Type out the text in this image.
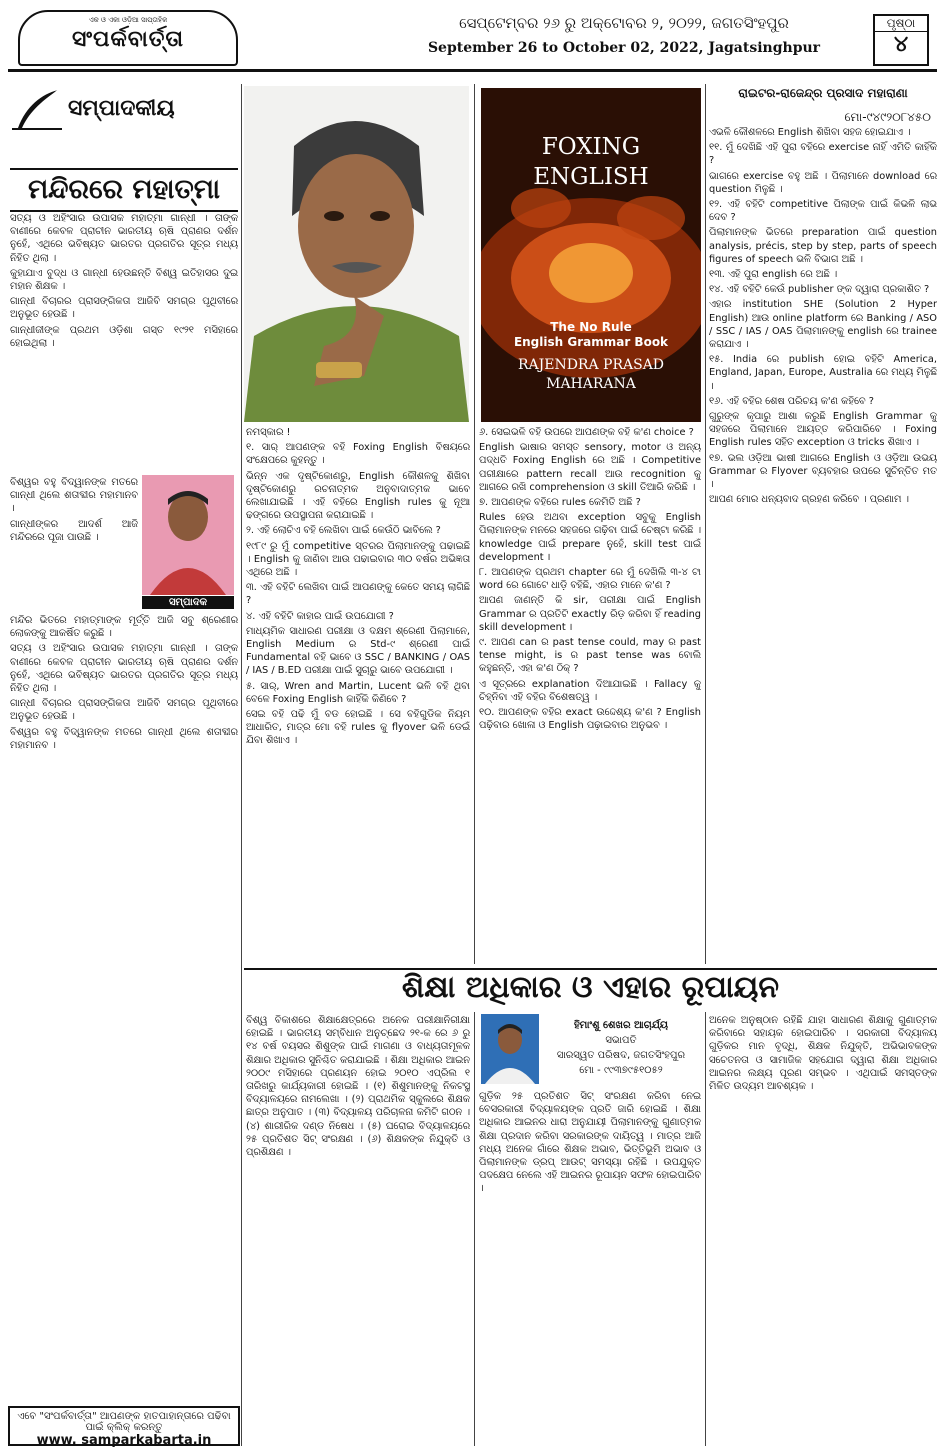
ଏକ ଓ ଏକା ଓଡ଼ିଆ ସାପ୍ତାହିକ
ସଂପର୍କବାର୍ତ୍ତା
ସେପ୍ଟେମ୍ବର ୨୬ ରୁ ଅକ୍ଟୋବର ୨, ୨୦୨୨, ଜଗତସିଂହପୁର
September 26 to October 02, 2022, Jagatsinghpur
ପୃଷ୍ଠା
୪
ସମ୍ପାଦକୀୟ
ମନ୍ଦିରରେ ମହାତ୍ମା

ସତ୍ୟ ଓ ଅହିଂସାର ଉପାସକ ମହାତ୍ମା ଗାନ୍ଧୀ । ତାଙ୍କ ବାଣୀରେ କେବଳ ପ୍ରାଚୀନ ଭାରତୀୟ ଋଷି ପ୍ରାଣର ଦର୍ଶନ ନୁହେଁ, ଏଥିରେ ଭବିଷ୍ୟତ ଭାରତର ପ୍ରଗତିର ସୂତ୍ର ମଧ୍ୟ ନିହିତ ଥିଲା ।

କୁହାଯାଏ ବୁଦ୍ଧ ଓ ଗାନ୍ଧୀ ହେଉଛନ୍ତି ବିଶ୍ୱ ଇତିହାସର ଦୁଇ ମହାନ ଶିକ୍ଷକ ।

ଗାନ୍ଧୀ ବିଚାରର ପ୍ରାସଙ୍ଗିକତା ଆଜିବି ସମଗ୍ର ପୃଥିବୀରେ ଅନୁଭୂତ ହେଉଛି ।

ଗାନ୍ଧୀଜୀଙ୍କ ପ୍ରଥମ ଓଡ଼ିଶା ଗସ୍ତ ୧୯୨୧ ମସିହାରେ ହୋଇଥିଲା ।

ବିଶ୍ୱର ବହୁ ବିଦ୍ୱାନଙ୍କ ମତରେ ଗାନ୍ଧୀ ଥିଲେ ଶତାବ୍ଦୀର ମହାମାନବ ।

ଗାନ୍ଧୀଙ୍କର ଆଦର୍ଶ ଆଜି ମନ୍ଦିରରେ ପୂଜା ପାଉଛି ।

ସମ୍ପାଦକ

ମନ୍ଦିର ଭିତରେ ମହାତ୍ମାଙ୍କ ମୂର୍ତ୍ତି ଆଜି ସବୁ ଶ୍ରେଣୀର ଲୋକଙ୍କୁ ଆକର୍ଷିତ କରୁଛି ।

ସତ୍ୟ ଓ ଅହିଂସାର ଉପାସକ ମହାତ୍ମା ଗାନ୍ଧୀ । ତାଙ୍କ ବାଣୀରେ କେବଳ ପ୍ରାଚୀନ ଭାରତୀୟ ଋଷି ପ୍ରାଣର ଦର୍ଶନ ନୁହେଁ, ଏଥିରେ ଭବିଷ୍ୟତ ଭାରତର ପ୍ରଗତିର ସୂତ୍ର ମଧ୍ୟ ନିହିତ ଥିଲା ।

ଗାନ୍ଧୀ ବିଚାରର ପ୍ରାସଙ୍ଗିକତା ଆଜିବି ସମଗ୍ର ପୃଥିବୀରେ ଅନୁଭୂତ ହେଉଛି ।

ବିଶ୍ୱର ବହୁ ବିଦ୍ୱାନଙ୍କ ମତରେ ଗାନ୍ଧୀ ଥିଲେ ଶତାବ୍ଦୀର ମହାମାନବ ।

FOXING
ENGLISH
The No Rule
English Grammar Book
RAJENDRA PRASAD
MAHARANA
ରାଇଟର-ରାଜେନ୍ଦ୍ର ପ୍ରସାଦ ମହାରାଣା
ମୋ-୯୪୯୨୦୮୪୫୦

ଏଭଳି କୌଶଳରେ English ଶିଖିବା ସହଜ ହୋଇଯାଏ ।

୧୧. ମୁଁ ଦେଖିଛି ଏହି ପୁରା ବହିରେ exercise ନାହିଁ ଏମିତି କାହିଁକି ?

ଭାଗରେ exercise ବହୁ ଅଛି । ପିଲାମାନେ download ରେ question ମିଳୁଛି ।

୧୨. ଏହି ବହିଟି competitive ପିଲାଙ୍କ ପାଇଁ କିଭଳି ଲାଭ ଦେବ ?

ପିଲାମାନଙ୍କ ଭିତରେ preparation ପାଇଁ question analysis, précis, step by step, parts of speech figures of speech ଭଳି ବିଭାଗ ଅଛି ।

୧୩. ଏହି ପୁରା english ରେ ଅଛି ।

୧୪. ଏହି ବହିଟି କେଉଁ publisher ଙ୍କ ଦ୍ୱାରା ପ୍ରକାଶିତ ?

ଏହାର institution SHE (Solution 2 Hyper English) ଆଉ online platform ରେ Banking / ASO / SSC / IAS / OAS ପିଲାମାନଙ୍କୁ english ରେ trainee କରାଯାଏ ।

୧୫. India ରେ publish ହୋଇ ବହିଟି America, England, Japan, Europe, Australia ରେ ମଧ୍ୟ ମିଳୁଛି ।

୧୬. ଏହି ବହିର ଶେଷ ପରିଚୟ କ'ଣ କହିବେ ?

ଗୁରୁଙ୍କ କୃପାରୁ ଆଶା କରୁଛି English Grammar କୁ ସହଜରେ ପିଲାମାନେ ଆୟତ୍ତ କରିପାରିବେ । Foxing English rules ସହିତ exception ଓ tricks ଶିଖାଏ ।

୧୭. ଭଲ ଓଡ଼ିଆ ଭାଷୀ ଆଗରେ English ଓ ଓଡ଼ିଆ ଉଭୟ Grammar ର Flyover ବ୍ୟବହାର ଉପରେ ସୁଚିନ୍ତିତ ମତ ।

ଆପଣ ମୋର ଧନ୍ୟବାଦ ଗ୍ରହଣ କରିବେ । ପ୍ରଣାମ ।

ନମସ୍କାର !

୧. ସାର୍ ଆପଣଙ୍କ ବହି Foxing English ବିଷୟରେ ସଂକ୍ଷେପରେ କୁହନ୍ତୁ ।

ଭିନ୍ନ ଏକ ଦୃଷ୍ଟିକୋଣରୁ, English କୌଶଳକୁ ଶିଖିବା ଦୃଷ୍ଟିକୋଣରୁ ରଚନାତ୍ମକ ଅନୁବାଦାତ୍ମକ ଭାବେ ଲେଖାଯାଇଛି । ଏହି ବହିରେ English rules କୁ ନୂଆ ଢଙ୍ଗରେ ଉପସ୍ଥାପନା କରାଯାଇଛି ।

୨. ଏହି ଲୋଚିଏ ବହି ଲେଖିବା ପାଇଁ କେଉଁଠି ଭାବିଲେ ?

୧୯୮୯ ରୁ ମୁଁ competitive ସ୍ତରର ପିଲାମାନଙ୍କୁ ପଢାଇଛି । English କୁ ଜାଣିବା ଆଉ ପଢାଇବାର ୩୦ ବର୍ଷର ଅଭିଜ୍ଞତା ଏଥିରେ ଅଛି ।

୩. ଏହି ବହିଟି ଲେଖିବା ପାଇଁ ଆପଣଙ୍କୁ କେତେ ସମୟ ଲାଗିଛି ?

୪. ଏହି ବହିଟି କାହାର ପାଇଁ ଉପଯୋଗୀ ?

ମାଧ୍ୟମିକ ସାଧାରଣ ପରୀକ୍ଷା ଓ ଦକ୍ଷମ ଶ୍ରେଣୀ ପିଲାମାନେ, English Medium ର Std-୯ ଶ୍ରେଣୀ ପାଇଁ Fundamental ବହି ଭାବେ ଓ SSC / BANKING / OAS / IAS / B.ED ପରୀକ୍ଷା ପାଇଁ ସୁଚାରୁ ଭାବେ ଉପଯୋଗୀ ।

୫. ସାର୍, Wren and Martin, Lucent ଭଳି ବହି ଥିବା ବେଳେ Foxing English କାହିଁକି କିଣିବେ ?

ସେଇ ବହି ପଢି ମୁଁ ବଡ ହୋଇଛି । ସେ ବହିଗୁଡିକ ନିୟମ ଆଧାରିତ, ମାତ୍ର ମୋ ବହି rules କୁ flyover ଭଳି ଡେଇଁ ଯିବା ଶିଖାଏ ।

୬. ସେଇଭଳି ବହି ଉପରେ ଆପଣଙ୍କ ବହି କ'ଣ choice ?

English ଭାଷାର ସମସ୍ତ sensory, motor ଓ ଅନ୍ୟ ପଦ୍ଧତି Foxing English ରେ ଅଛି । Competitive ପରୀକ୍ଷାରେ pattern recall ଆଉ recognition କୁ ଆଗରେ ରଖି comprehension ଓ skill ତିଆରି କରିଛି ।

୭. ଆପଣଙ୍କ ବହିରେ rules କେମିତି ଅଛି ?

Rules ହେଉ ଅଥବା exception ସବୁକୁ English ପିଲାମାନଙ୍କ ମନରେ ସହଜରେ ଗଢ଼ିବା ପାଇଁ ଚେଷ୍ଟା କରିଛି । knowledge ପାଇଁ prepare ନୁହେଁ, skill test ପାଇଁ development ।

୮. ଆପଣଙ୍କ ପ୍ରଥମ chapter ରେ ମୁଁ ଦେଖିଲି ୩-୪ ଟା word ରେ ଗୋଟେ ଧାଡ଼ି ବହିଛି, ଏହାର ମାନେ କ'ଣ ?

ଆପଣ ଜାଣନ୍ତି କି sir, ପରୀକ୍ଷା ପାଇଁ English Grammar ର ପ୍ରତିଟି exactly ରିଡ଼ କରିବା ହିଁ reading skill development ।

୯. ଆପଣ can ର past tense could, may ର past tense might, is ର past tense was ବୋଲି କହୁଛନ୍ତି, ଏହା କ'ଣ ଠିକ୍ ?

ଏ ସୂତ୍ରରେ explanation ଦିଆଯାଇଛି । Fallacy କୁ ଚିହ୍ନିବା ଏହି ବହିର ବିଶେଷତ୍ୱ ।

୧୦. ଆପଣଙ୍କ ବହିର exact ଉଦ୍ଦେଶ୍ୟ କ'ଣ ? English ପଢ଼ିବାର ଖୋଳା ଓ English ପଢ଼ାଇବାର ଅନୁଭବ ।

ଶିକ୍ଷା ଅଧିକାର ଓ ଏହାର ରୂପାୟନ

ବିଶ୍ୱ ବିକାଶରେ ଶିକ୍ଷାକ୍ଷେତ୍ରରେ ଅନେକ ପରୀକ୍ଷାନିରୀକ୍ଷା ହୋଇଛି । ଭାରତୀୟ ସମ୍ବିଧାନ ଅନୁଚ୍ଛେଦ ୨୧-କ ରେ ୬ ରୁ ୧୪ ବର୍ଷ ବୟସର ଶିଶୁଙ୍କ ପାଇଁ ମାଗଣା ଓ ବାଧ୍ୟତାମୂଳକ ଶିକ୍ଷାର ଅଧିକାର ସୁନିଶ୍ଚିତ କରାଯାଇଛି । ଶିକ୍ଷା ଅଧିକାର ଆଇନ ୨୦୦୯ ମସିହାରେ ପ୍ରଣୟନ ହୋଇ ୨୦୧୦ ଏପ୍ରିଲ ୧ ତାରିଖରୁ କାର୍ଯ୍ୟକାରୀ ହୋଇଛି । (୧) ଶିଶୁମାନଙ୍କୁ ନିକଟସ୍ଥ ବିଦ୍ୟାଳୟରେ ନାମଲେଖା । (୨) ପ୍ରାଥମିକ ସ୍କୁଲରେ ଶିକ୍ଷକ ଛାତ୍ର ଅନୁପାତ । (୩) ବିଦ୍ୟାଳୟ ପରିଚାଳନା କମିଟି ଗଠନ । (୪) ଶାରୀରିକ ଦଣ୍ଡ ନିଷେଧ । (୫) ଘରୋଇ ବିଦ୍ୟାଳୟରେ ୨୫ ପ୍ରତିଶତ ସିଟ୍ ସଂରକ୍ଷଣ । (୬) ଶିକ୍ଷକଙ୍କ ନିଯୁକ୍ତି ଓ ପ୍ରଶିକ୍ଷଣ ।

ହିମାଂଶୁ ଶେଖର ଆଚାର୍ଯ୍ୟ
ସଭାପତି
ସାରସ୍ୱତ ପରିଷଦ, ଜଗତସିଂହପୁର
ମୋ - ୯୯୩୭୯୫୧୦୫୨

ଗୁଡ଼ିକ ୨୫ ପ୍ରତିଶତ ସିଟ୍ ସଂରକ୍ଷଣ କରିବା ନେଇ ବେସରକାରୀ ବିଦ୍ୟାଳୟଙ୍କ ପ୍ରତି ଜାରି ହୋଇଛି । ଶିକ୍ଷା ଅଧିକାର ଆଇନର ଧାରା ଅନୁଯାୟୀ ପିଲାମାନଙ୍କୁ ଗୁଣାତ୍ମକ ଶିକ୍ଷା ପ୍ରଦାନ କରିବା ସରକାରଙ୍କ ଦାୟିତ୍ୱ । ମାତ୍ର ଆଜି ମଧ୍ୟ ଅନେକ ଗାଁରେ ଶିକ୍ଷକ ଅଭାବ, ଭିତ୍ତିଭୂମି ଅଭାବ ଓ ପିଲାମାନଙ୍କ ଡ୍ରପ୍ ଆଉଟ୍ ସମସ୍ୟା ରହିଛି । ଉପଯୁକ୍ତ ପଦକ୍ଷେପ ନେଲେ ଏହି ଆଇନର ରୂପାୟନ ସଫଳ ହୋଇପାରିବ ।

ଅନେକ ଅନୁଷ୍ଠାନ ରହିଛି ଯାହା ସାଧାରଣ ଶିକ୍ଷାକୁ ଗୁଣାତ୍ମକ କରିବାରେ ସହାୟକ ହୋଇପାରିବ । ସରକାରୀ ବିଦ୍ୟାଳୟ ଗୁଡ଼ିକର ମାନ ବୃଦ୍ଧି, ଶିକ୍ଷକ ନିଯୁକ୍ତି, ଅଭିଭାବକଙ୍କ ସଚେତନତା ଓ ସାମାଜିକ ସହଯୋଗ ଦ୍ୱାରା ଶିକ୍ଷା ଅଧିକାର ଆଇନର ଲକ୍ଷ୍ୟ ପୂରଣ ସମ୍ଭବ । ଏଥିପାଇଁ ସମସ୍ତଙ୍କ ମିଳିତ ଉଦ୍ୟମ ଆବଶ୍ୟକ ।

ଏବେ "ସଂପର୍କବାର୍ତ୍ତା" ଆପଣଙ୍କ ହାତପାହାନ୍ତାରେ ପଢିବା ପାଇଁ କ୍ଲିକ୍ କରନ୍ତୁ
www. samparkabarta.in
